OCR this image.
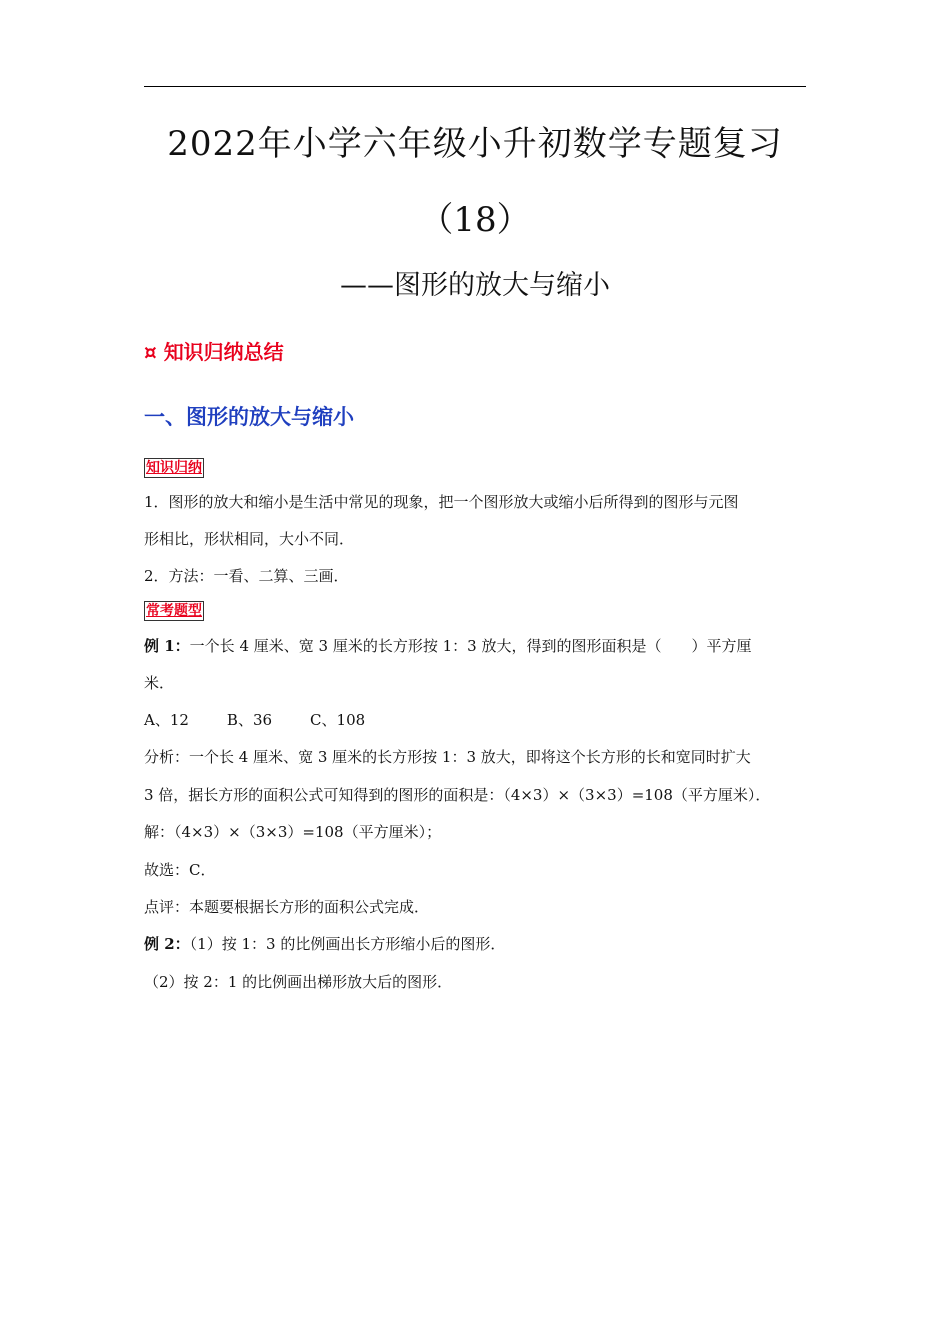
2022年小学六年级小升初数学专题复习
（18）
——图形的放大与缩小
¤ 知识归纳总结
一、图形的放大与缩小
知识归纳
1．图形的放大和缩小是生活中常见的现象，把一个图形放大或缩小后所得到的图形与元图
形相比，形状相同，大小不同．
2．方法：一看、二算、三画．
常考题型
例 1：一个长 4 厘米、宽 3 厘米的长方形按 1：3 放大，得到的图形面积是（　　）平方厘
米．
A、12	B、36	C、108
分析：一个长 4 厘米、宽 3 厘米的长方形按 1：3 放大，即将这个长方形的长和宽同时扩大
3 倍，据长方形的面积公式可知得到的图形的面积是：（4×3）×（3×3）=108（平方厘米）．
解：（4×3）×（3×3）=108（平方厘米）；
故选：C．
点评：本题要根据长方形的面积公式完成．
例 2：（1）按 1：3 的比例画出长方形缩小后的图形．
（2）按 2：1 的比例画出梯形放大后的图形．
